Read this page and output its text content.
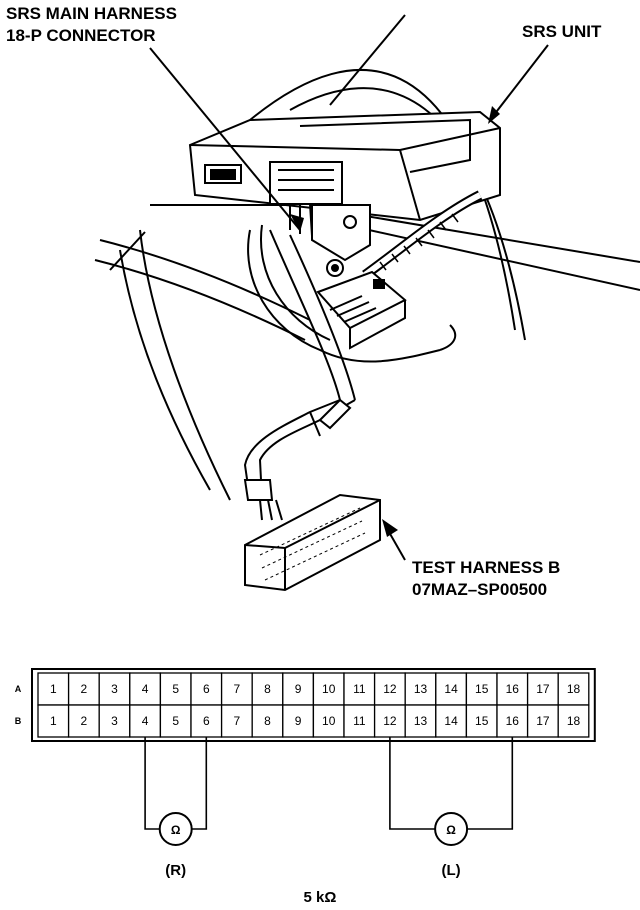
SRS MAIN HARNESS
18-P CONNECTOR	SRS UNIT
TEST HARNESS B
07MAZ–SP00500
A 1 2 3 4 5 6 7 8 9 10 11 12 13 14 15 16 17 18
B 1 2 3 4 5 6 7 8 9 10 11 12 13 14 15 16 17 18
Ω
(R)
Ω
(L)
5 kΩ
